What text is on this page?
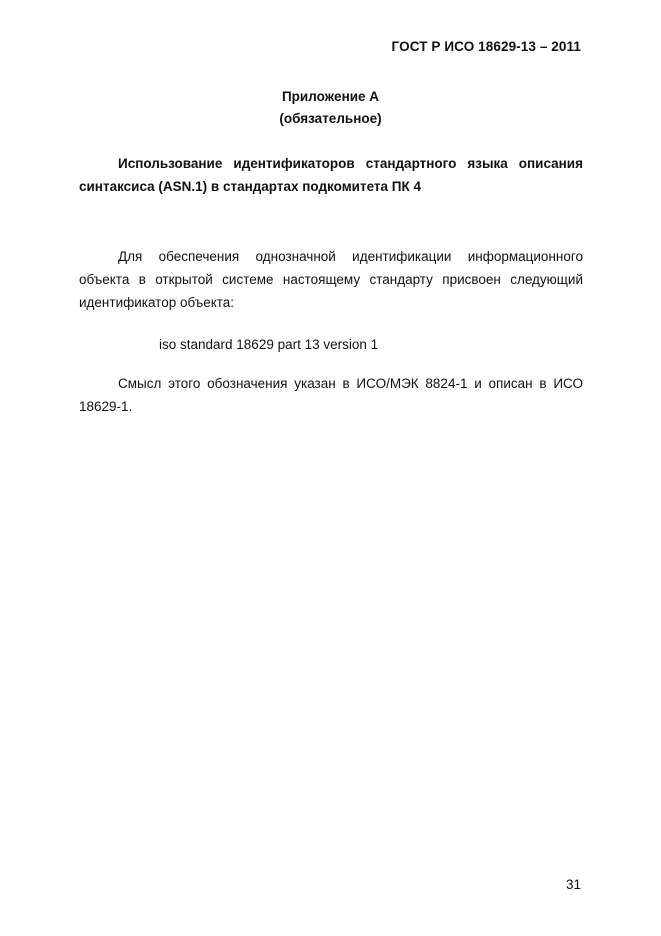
ГОСТ Р ИСО 18629-13 – 2011
Приложение А
(обязательное)
Использование идентификаторов стандартного языка описания
синтаксиса (ASN.1) в стандартах подкомитета ПК 4
Для обеспечения однозначной идентификации информационного
объекта в открытой системе настоящему стандарту присвоен следующий
идентификатор объекта:
iso standard 18629 part 13 version 1
Смысл этого обозначения указан в ИСО/МЭК 8824-1 и описан в ИСО
18629-1.
31
